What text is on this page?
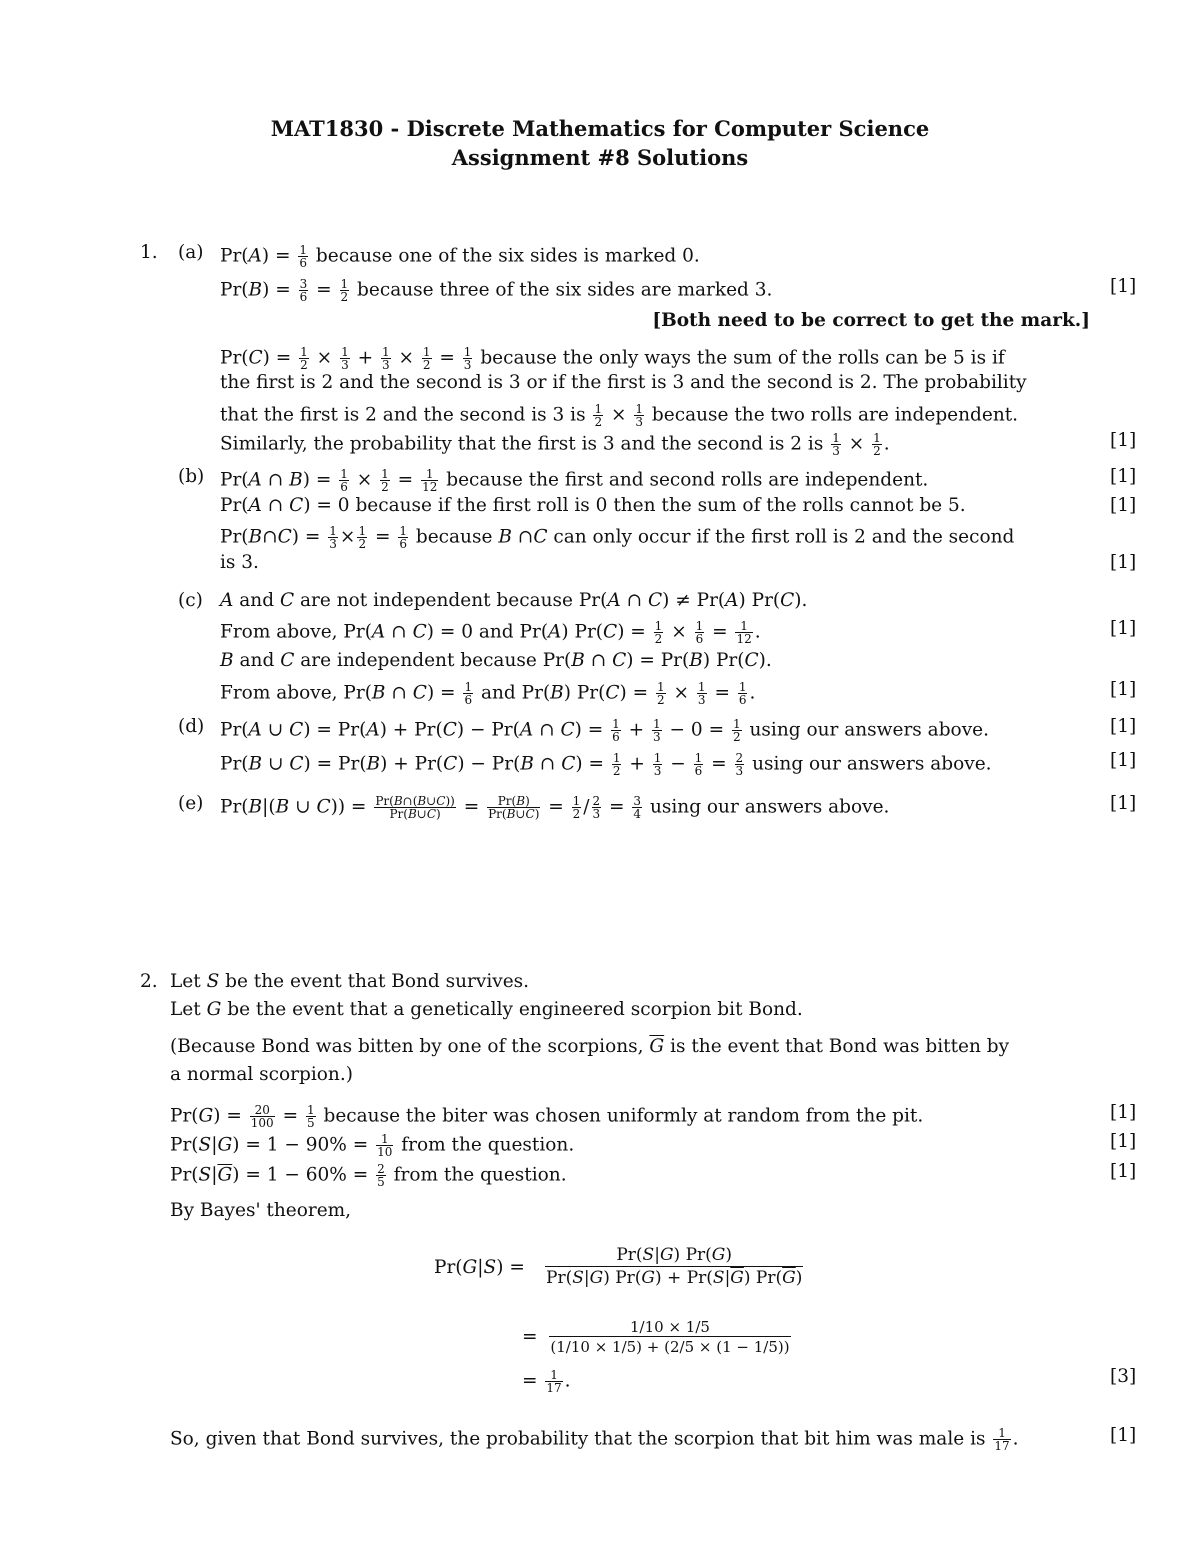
MAT1830 - Discrete Mathematics for Computer Science
Assignment #8 Solutions
1. (a) $Pr(A) = \frac{1}{6}$ because one of the six sides is marked 0.
$Pr(B) = \frac{3}{6} = \frac{1}{2}$ because three of the six sides are marked 3.	[1]
[Both need to be correct to get the mark.]
$Pr(C) = \frac{1}{2} \times \frac{1}{3} + \frac{1}{3} \times \frac{1}{2} = \frac{1}{3}$ because the only ways the sum of the rolls can be 5 is if
the first is 2 and the second is 3 or if the first is 3 and the second is 2. The probability
that the first is 2 and the second is 3 is $\frac{1}{2} \times \frac{1}{3}$ because the two rolls are independent.
Similarly, the probability that the first is 3 and the second is 2 is $\frac{1}{3} \times \frac{1}{2}$ .	[1]
(b) Pr(A ∩ $B) = \frac{1}{6} \times \frac{1}{2} = \frac{1}{12}$ because the first and second rolls are independent.	[1]
Pr(A ∩ C) = 0 because if the first roll is 0 then the sum of the rolls cannot be 5.	[1]
Pr(B∩C) = $\frac{1}{3} \times \frac{1}{2} = \frac{1}{6}$ because B ∩C can only occur if the first roll is 2 and the second
is 3.	[1]
(c) A and C are not independent because Pr(A ∩ C) ≠ Pr(A) Pr(C).
From above, Pr(A ∩ C) = 0 and Pr(A) $Pr(C) = \frac{1}{2} \times \frac{1}{6} = \frac{1}{12}$ .	[1]
B and C are independent because Pr(B ∩ C) = Pr(B) Pr(C).
From above, Pr(B ∩ $C) = \frac{1}{6}$ and Pr(B) $Pr(C) = \frac{1}{2} \times \frac{1}{3} = \frac{1}{6}$ .	[1]
(d) Pr(A ∪ C) = Pr(A) + Pr(C) − Pr(A ∩ $C) = \frac{1}{6} + \frac{1}{3} - 0 = \frac{1}{2}$ using our answers above.	[1]
Pr(B ∪ C) = Pr(B) + Pr(C) − Pr(B ∩ $C) = \frac{1}{2} + \frac{1}{3} - \frac{1}{6} = \frac{2}{3}$ using our answers above.	[1]
(e) Pr(B|(B ∪ $C)) = \frac{Pr(B\cap(B\cup C))}{Pr(B\cup C)} = \frac{Pr(B)}{Pr(B\cup C)} = \frac{1}{2} / \frac{2}{3} = \frac{3}{4}$ using our answers above.	[1]
2. Let S be the event that Bond survives.
Let G be the event that a genetically engineered scorpion bit Bond.
(Because Bond was bitten by one of the scorpions, $\overline{G}$ is the event that Bond was bitten by
a normal scorpion.)
$Pr(G) = \frac{20}{100} = \frac{1}{5}$ because the biter was chosen uniformly at random from the pit.	[1]
$Pr(S|G) = 1 - 90\% = \frac{1}{10}$ from the question.	[1]
$Pr(S|\overline{G}) = 1 - 60\% = \frac{2}{5}$ from the question.	[1]
By Bayes' theorem,
$Pr(G|S) = \frac{Pr(S|G) Pr(G)}{Pr(S|G) Pr(G) + Pr(S|\overline{G}) Pr(\overline{G})}$
= $\frac{1/10 \times 1/5}{(1/10 \times 1/5) + (2/5 \times (1 - 1/5))}$
= $\frac{1}{17}$ .	[3]
So, given that Bond survives, the probability that the scorpion that bit him was male is $\frac{1}{17}$ .	[1]
